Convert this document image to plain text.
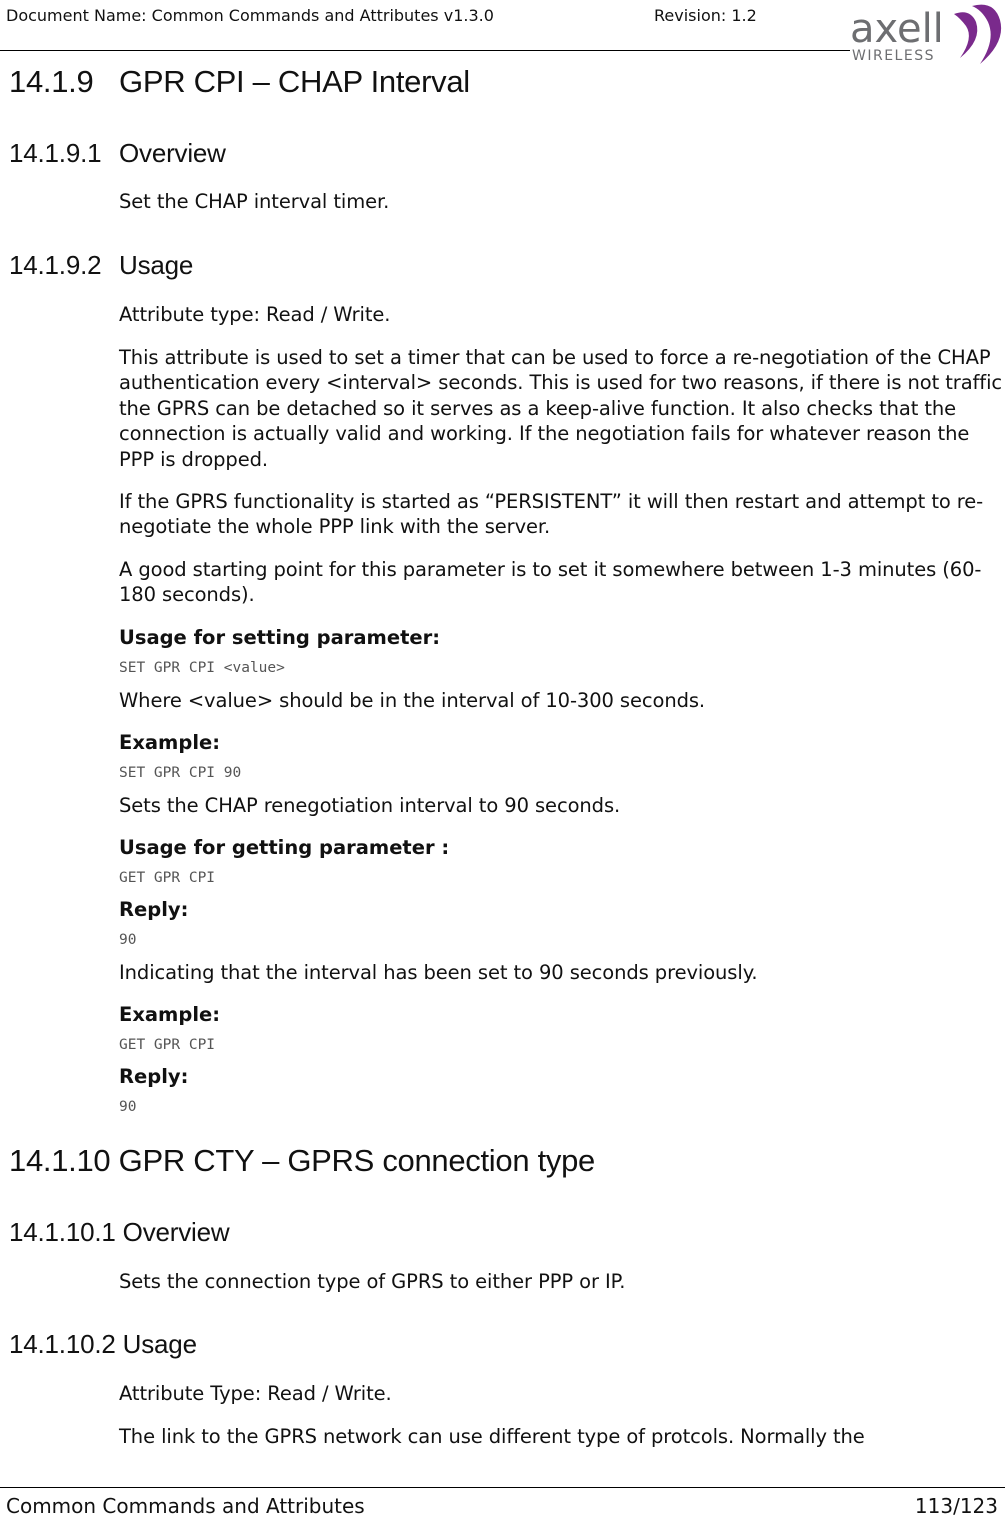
Document Name: Common Commands and Attributes v1.3.0	Revision: 1.2 axell
WIRELESS
14.1.9 GPR CPI – CHAP Interval
14.1.9.1 Overview

Set the CHAP interval timer.

14.1.9.2 Usage

Attribute type: Read / Write.

This attribute is used to set a timer that can be used to force a re-negotiation of the CHAP authentication every <interval> seconds. This is used for two reasons, if there is not traffic the GPRS can be detached so it serves as a keep-alive function. It also checks that the connection is actually valid and working. If the negotiation fails for whatever reason the PPP is dropped.

If the GPRS functionality is started as “PERSISTENT” it will then restart and attempt to re-negotiate the whole PPP link with the server.

A good starting point for this parameter is to set it somewhere between 1-3 minutes (60-180 seconds).

Usage for setting parameter:

SET GPR CPI <value>

Where <value> should be in the interval of 10-300 seconds.

Example:

SET GPR CPI 90

Sets the CHAP renegotiation interval to 90 seconds.

Usage for getting parameter :

GET GPR CPI

Reply:

90

Indicating that the interval has been set to 90 seconds previously.

Example:

GET GPR CPI

Reply:

90

14.1.10 GPR CTY – GPRS connection type
14.1.10.1 Overview

Sets the connection type of GPRS to either PPP or IP.

14.1.10.2 Usage

Attribute Type: Read / Write.

The link to the GPRS network can use different type of protcols. Normally the

Common Commands and Attributes	113/123
